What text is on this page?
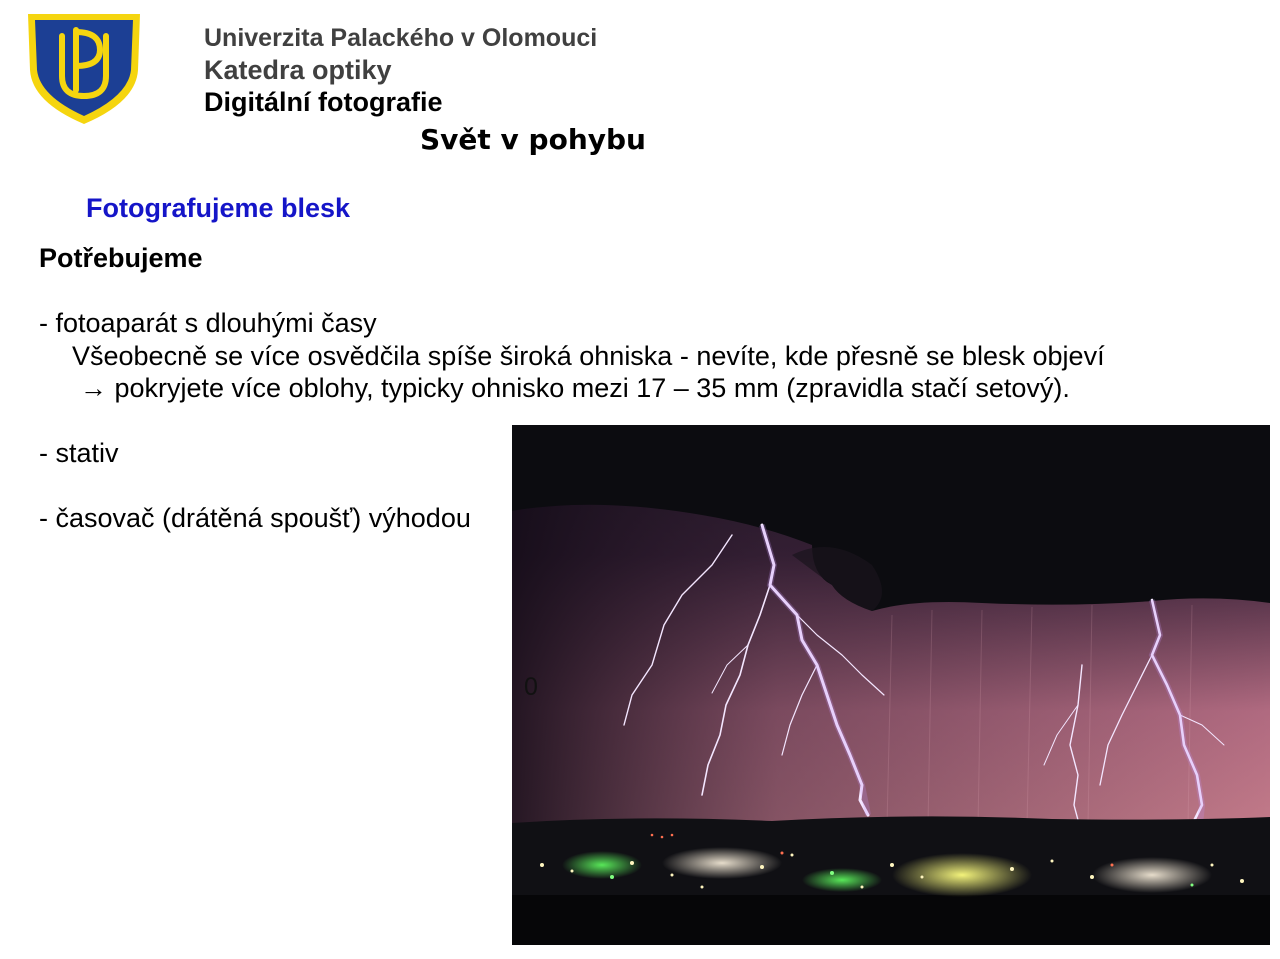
Univerzita Palackého v Olomouci
Katedra optiky
Digitální fotografie
Svět v pohybu
Fotografujeme blesk
Potřebujeme
- fotoaparát s dlouhými časy
Všeobecně se více osvědčila spíše široká ohniska - nevíte, kde přesně se blesk objeví
→ pokryjete více oblohy, typicky ohnisko mezi 17 – 35 mm (zpravidla stačí setový).
- stativ
- časovač (drátěná spoušť) výhodou
0
